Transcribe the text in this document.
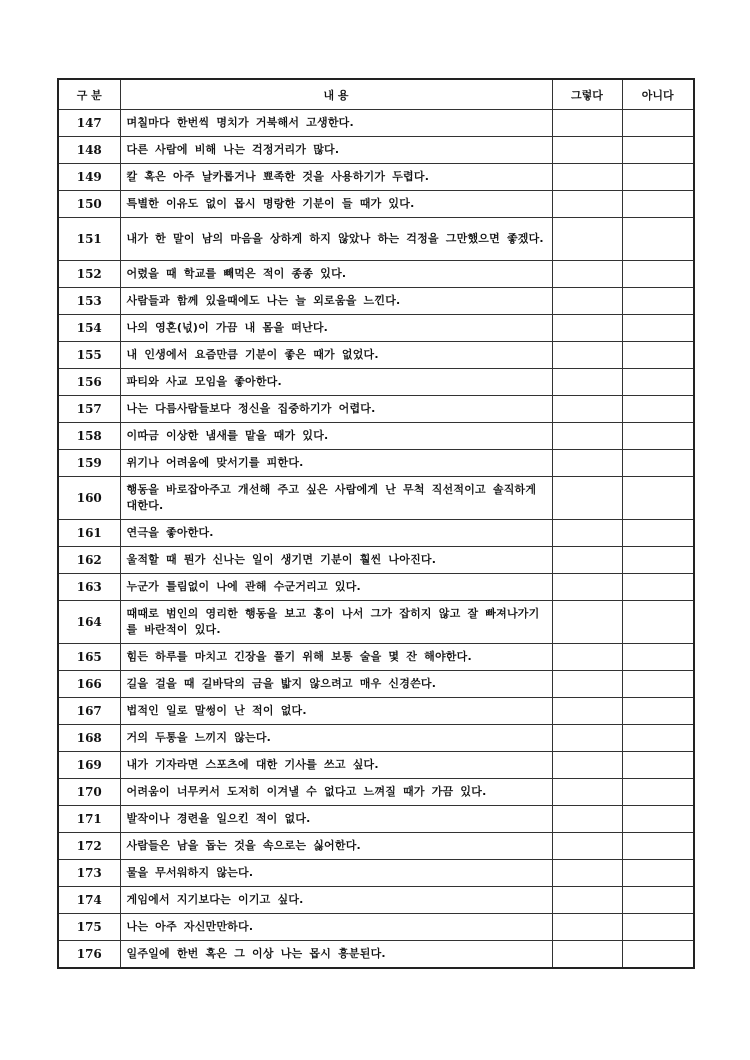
구 분	내 용	그렇다	아니다
147	며칠마다 한번씩 명치가 거북해서 고생한다.		
148	다른 사람에 비해 나는 걱정거리가 많다.		
149	칼 혹은 아주 날카롭거나 뾰족한 것을 사용하기가 두렵다.		
150	특별한 이유도 없이 몹시 명랑한 기분이 들 때가 있다.		
151	내가 한 말이 남의 마음을 상하게 하지 않았나 하는 걱정을 그만했으면 좋겠다.		
152	어렸을 때 학교를 빼먹은 적이 종종 있다.		
153	사람들과 함께 있을때에도 나는 늘 외로움을 느낀다.		
154	나의 영혼(넋)이 가끔 내 몸을 떠난다.		
155	내 인생에서 요즘만큼 기분이 좋은 때가 없었다.		
156	파티와 사교 모임을 좋아한다.		
157	나는 다름사람들보다 정신을 집중하기가 어렵다.		
158	이따금 이상한 냄새를 맡을 때가 있다.		
159	위기나 어려움에 맞서기를 피한다.		
160	행동을 바로잡아주고 개선해 주고 싶은 사람에게 난 무척 직선적이고 솔직하게 대한다.		
161	연극을 좋아한다.		
162	울적할 때 뭔가 신나는 일이 생기면 기분이 훨씬 나아진다.		
163	누군가 틀림없이 나에 관해 수군거리고 있다.		
164	때때로 범인의 영리한 행동을 보고 홍이 나서 그가 잡히지 않고 잘 빠져나가기를 바란적이 있다.		
165	힘든 하루를 마치고 긴장을 풀기 위해 보통 술을 몇 잔 해야한다.		
166	길을 걸을 때 길바닥의 금을 밟지 않으려고 매우 신경쓴다.		
167	법적인 일로 말썽이 난 적이 없다.		
168	거의 두통을 느끼지 않는다.		
169	내가 기자라면 스포츠에 대한 기사를 쓰고 싶다.		
170	어려움이 너무커서 도저히 이겨낼 수 없다고 느껴질 때가 가끔 있다.		
171	발작이나 경련을 일으킨 적이 없다.		
172	사람들은 남을 돕는 것을 속으로는 싫어한다.		
173	물을 무서워하지 않는다.		
174	게임에서 지기보다는 이기고 싶다.		
175	나는 아주 자신만만하다.		
176	일주일에 한번 혹은 그 이상 나는 몹시 흥분된다.		
